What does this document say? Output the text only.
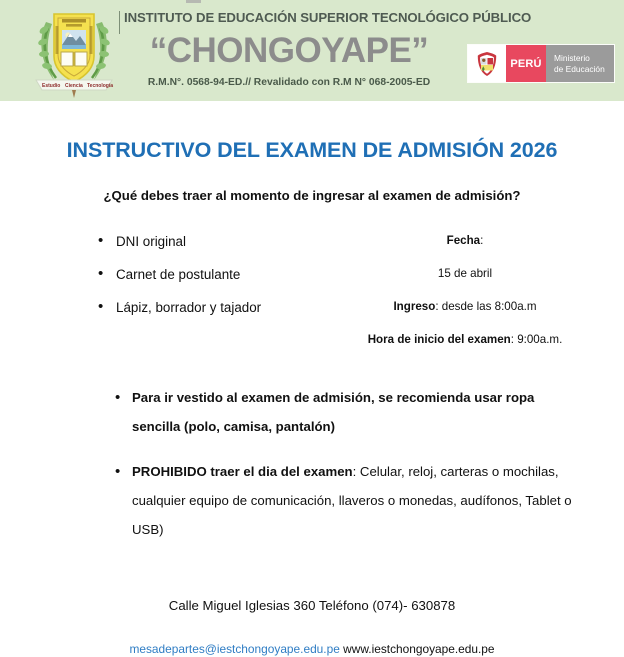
Estudio Ciencia Tecnología
INSTITUTO DE EDUCACIÓN SUPERIOR TECNOLÓGICO PÚBLICO
“CHONGOYAPE”
R.M.N°. 0568-94-ED.// Revalidado con R.M N° 068-2005-ED
PERÚ	Ministerio
de Educación
INSTRUCTIVO DEL EXAMEN DE ADMISIÓN 2026

¿Qué debes traer al momento de ingresar al examen de admisión?

• DNI original
• Carnet de postulante
• Lápiz, borrador y tajador
Fecha:
15 de abril
Ingreso: desde las 8:00a.m
Hora de inicio del examen: 9:00a.m.
• Para ir vestido al examen de admisión, se recomienda usar ropa sencilla (polo, camisa, pantalón)
• PROHIBIDO traer el dia del examen: Celular, reloj, carteras o mochilas, cualquier equipo de comunicación, llaveros o monedas, audífonos, Tablet o USB)
Calle Miguel Iglesias 360 Teléfono (074)- 630878
mesadepartes@iestchongoyape.edu.pe www.iestchongoyape.edu.pe
